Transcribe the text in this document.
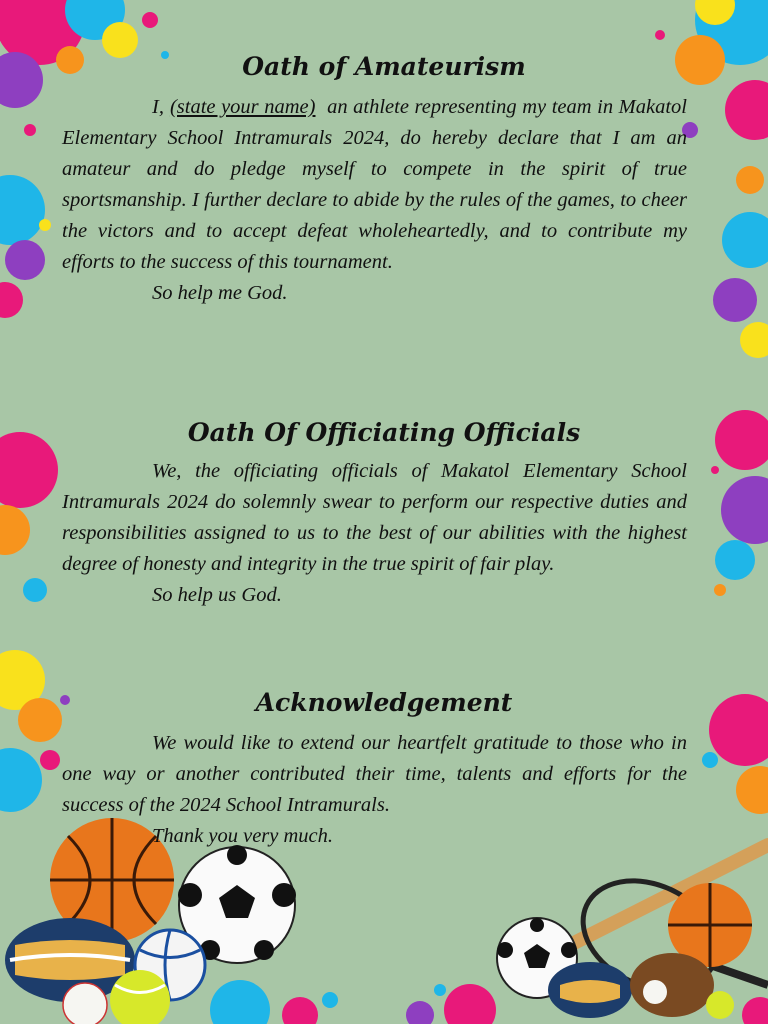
Oath of Amateurism

I, (state your name) an athlete representing my team in Makatol Elementary School Intramurals 2024, do hereby declare that I am an amateur and do pledge myself to compete in the spirit of true sportsmanship. I further declare to abide by the rules of the games, to cheer the victors and to accept defeat wholeheartedly, and to contribute my efforts to the success of this tournament.

So help me God.

Oath Of Officiating Officials

We, the officiating officials of Makatol Elementary School Intramurals 2024 do solemnly swear to perform our respective duties and responsibilities assigned to us to the best of our abilities with the highest degree of honesty and integrity in the true spirit of fair play.

So help us God.

Acknowledgement

We would like to extend our heartfelt gratitude to those who in one way or another contributed their time, talents and efforts for the success of the 2024 School Intramurals.

Thank you very much.
